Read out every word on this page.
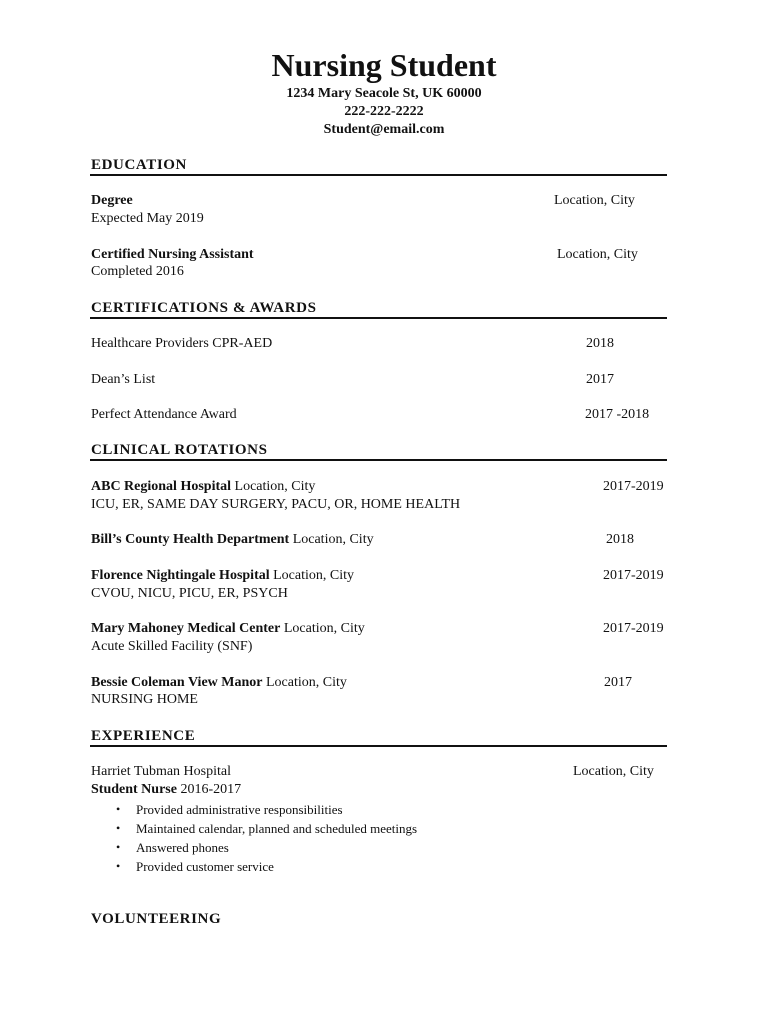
Nursing Student
1234 Mary Seacole St, UK 60000
222-222-2222
Student@email.com
EDUCATION
Degree	Location, City
Expected May 2019
Certified Nursing Assistant	Location, City
Completed 2016
CERTIFICATIONS & AWARDS
Healthcare Providers CPR-AED	2018
Dean’s List	2017
Perfect Attendance Award	2017 -2018
CLINICAL ROTATIONS
ABC Regional Hospital Location, City	2017-2019
ICU, ER, SAME DAY SURGERY, PACU, OR, HOME HEALTH
Bill’s County Health Department Location, City	2018
Florence Nightingale Hospital Location, City	2017-2019
CVOU, NICU, PICU, ER, PSYCH
Mary Mahoney Medical Center Location, City	2017-2019
Acute Skilled Facility (SNF)
Bessie Coleman View Manor Location, City	2017
NURSING HOME
EXPERIENCE
Harriet Tubman Hospital	Location, City
Student Nurse 2016-2017
• Provided administrative responsibilities
• Maintained calendar, planned and scheduled meetings
• Answered phones
• Provided customer service
VOLUNTEERING
